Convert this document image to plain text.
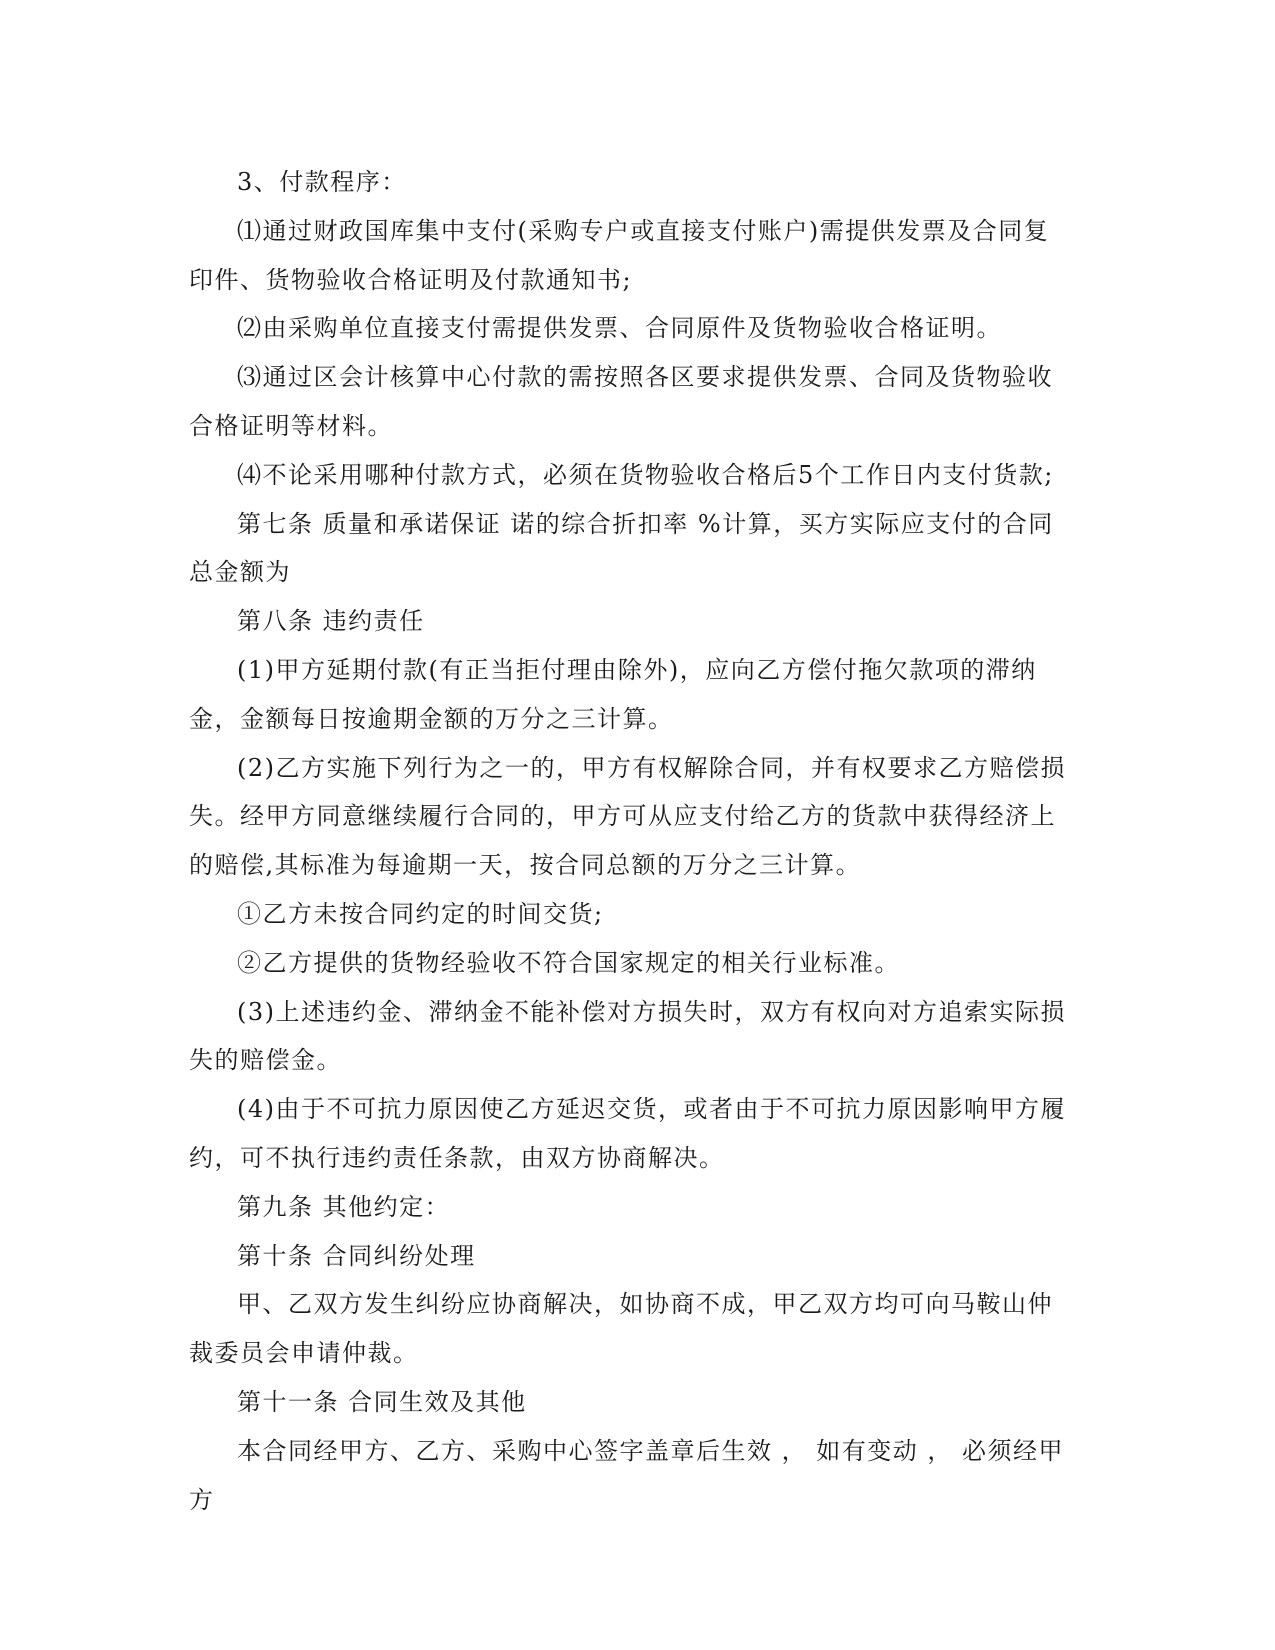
3、付款程序：

⑴通过财政国库集中支付(采购专户或直接支付账户)需提供发票及合同复印件、货物验收合格证明及付款通知书;

⑵由采购单位直接支付需提供发票、合同原件及货物验收合格证明。

⑶通过区会计核算中心付款的需按照各区要求提供发票、合同及货物验收合格证明等材料。

⑷不论采用哪种付款方式，必须在货物验收合格后5个工作日内支付货款;

第七条 质量和承诺保证 诺的综合折扣率 %计算，买方实际应支付的合同总金额为

第八条 违约责任

(1)甲方延期付款(有正当拒付理由除外)，应向乙方偿付拖欠款项的滞纳金，金额每日按逾期金额的万分之三计算。

(2)乙方实施下列行为之一的，甲方有权解除合同，并有权要求乙方赔偿损失。经甲方同意继续履行合同的，甲方可从应支付给乙方的货款中获得经济上的赔偿,其标准为每逾期一天，按合同总额的万分之三计算。

①乙方未按合同约定的时间交货;

②乙方提供的货物经验收不符合国家规定的相关行业标准。

(3)上述违约金、滞纳金不能补偿对方损失时，双方有权向对方追索实际损失的赔偿金。

(4)由于不可抗力原因使乙方延迟交货，或者由于不可抗力原因影响甲方履约，可不执行违约责任条款，由双方协商解决。

第九条 其他约定：

第十条 合同纠纷处理

甲、乙双方发生纠纷应协商解决，如协商不成，甲乙双方均可向马鞍山仲裁委员会申请仲裁。

第十一条 合同生效及其他

本合同经甲方、乙方、采购中心签字盖章后生效 ， 如有变动 ， 必须经甲方
